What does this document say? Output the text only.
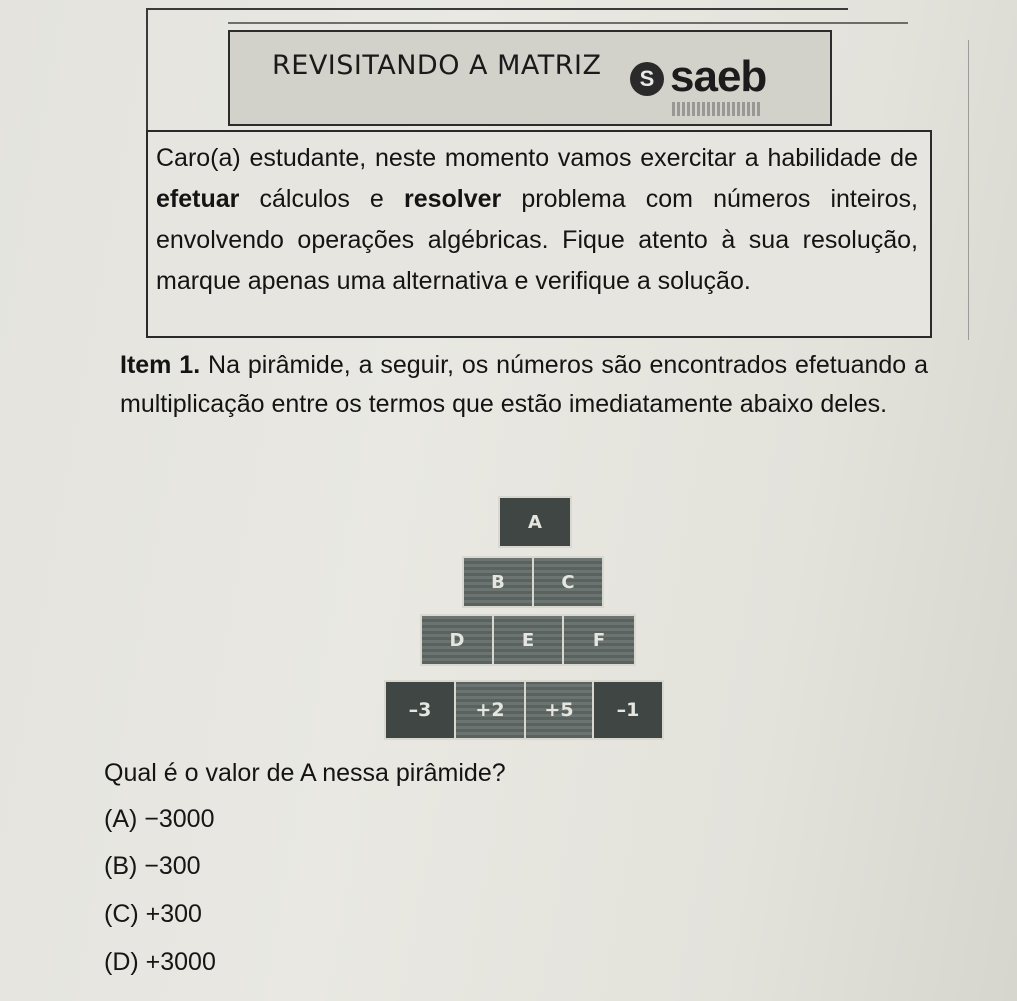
REVISITANDO A MATRIZ	S saeb
Caro(a) estudante, neste momento vamos exercitar a habilidade de efetuar cálculos e resolver problema com números inteiros, envolvendo operações algébricas. Fique atento à sua resolução, marque apenas uma alternativa e verifique a solução.
Item 1. Na pirâmide, a seguir, os números são encontrados efetuando a multiplicação entre os termos que estão imediatamente abaixo deles.
A
B	C
D	E	F
–3	+2	+5	–1
Qual é o valor de A nessa pirâmide?
(A) −3000
(B) −300
(C) +300
(D) +3000
